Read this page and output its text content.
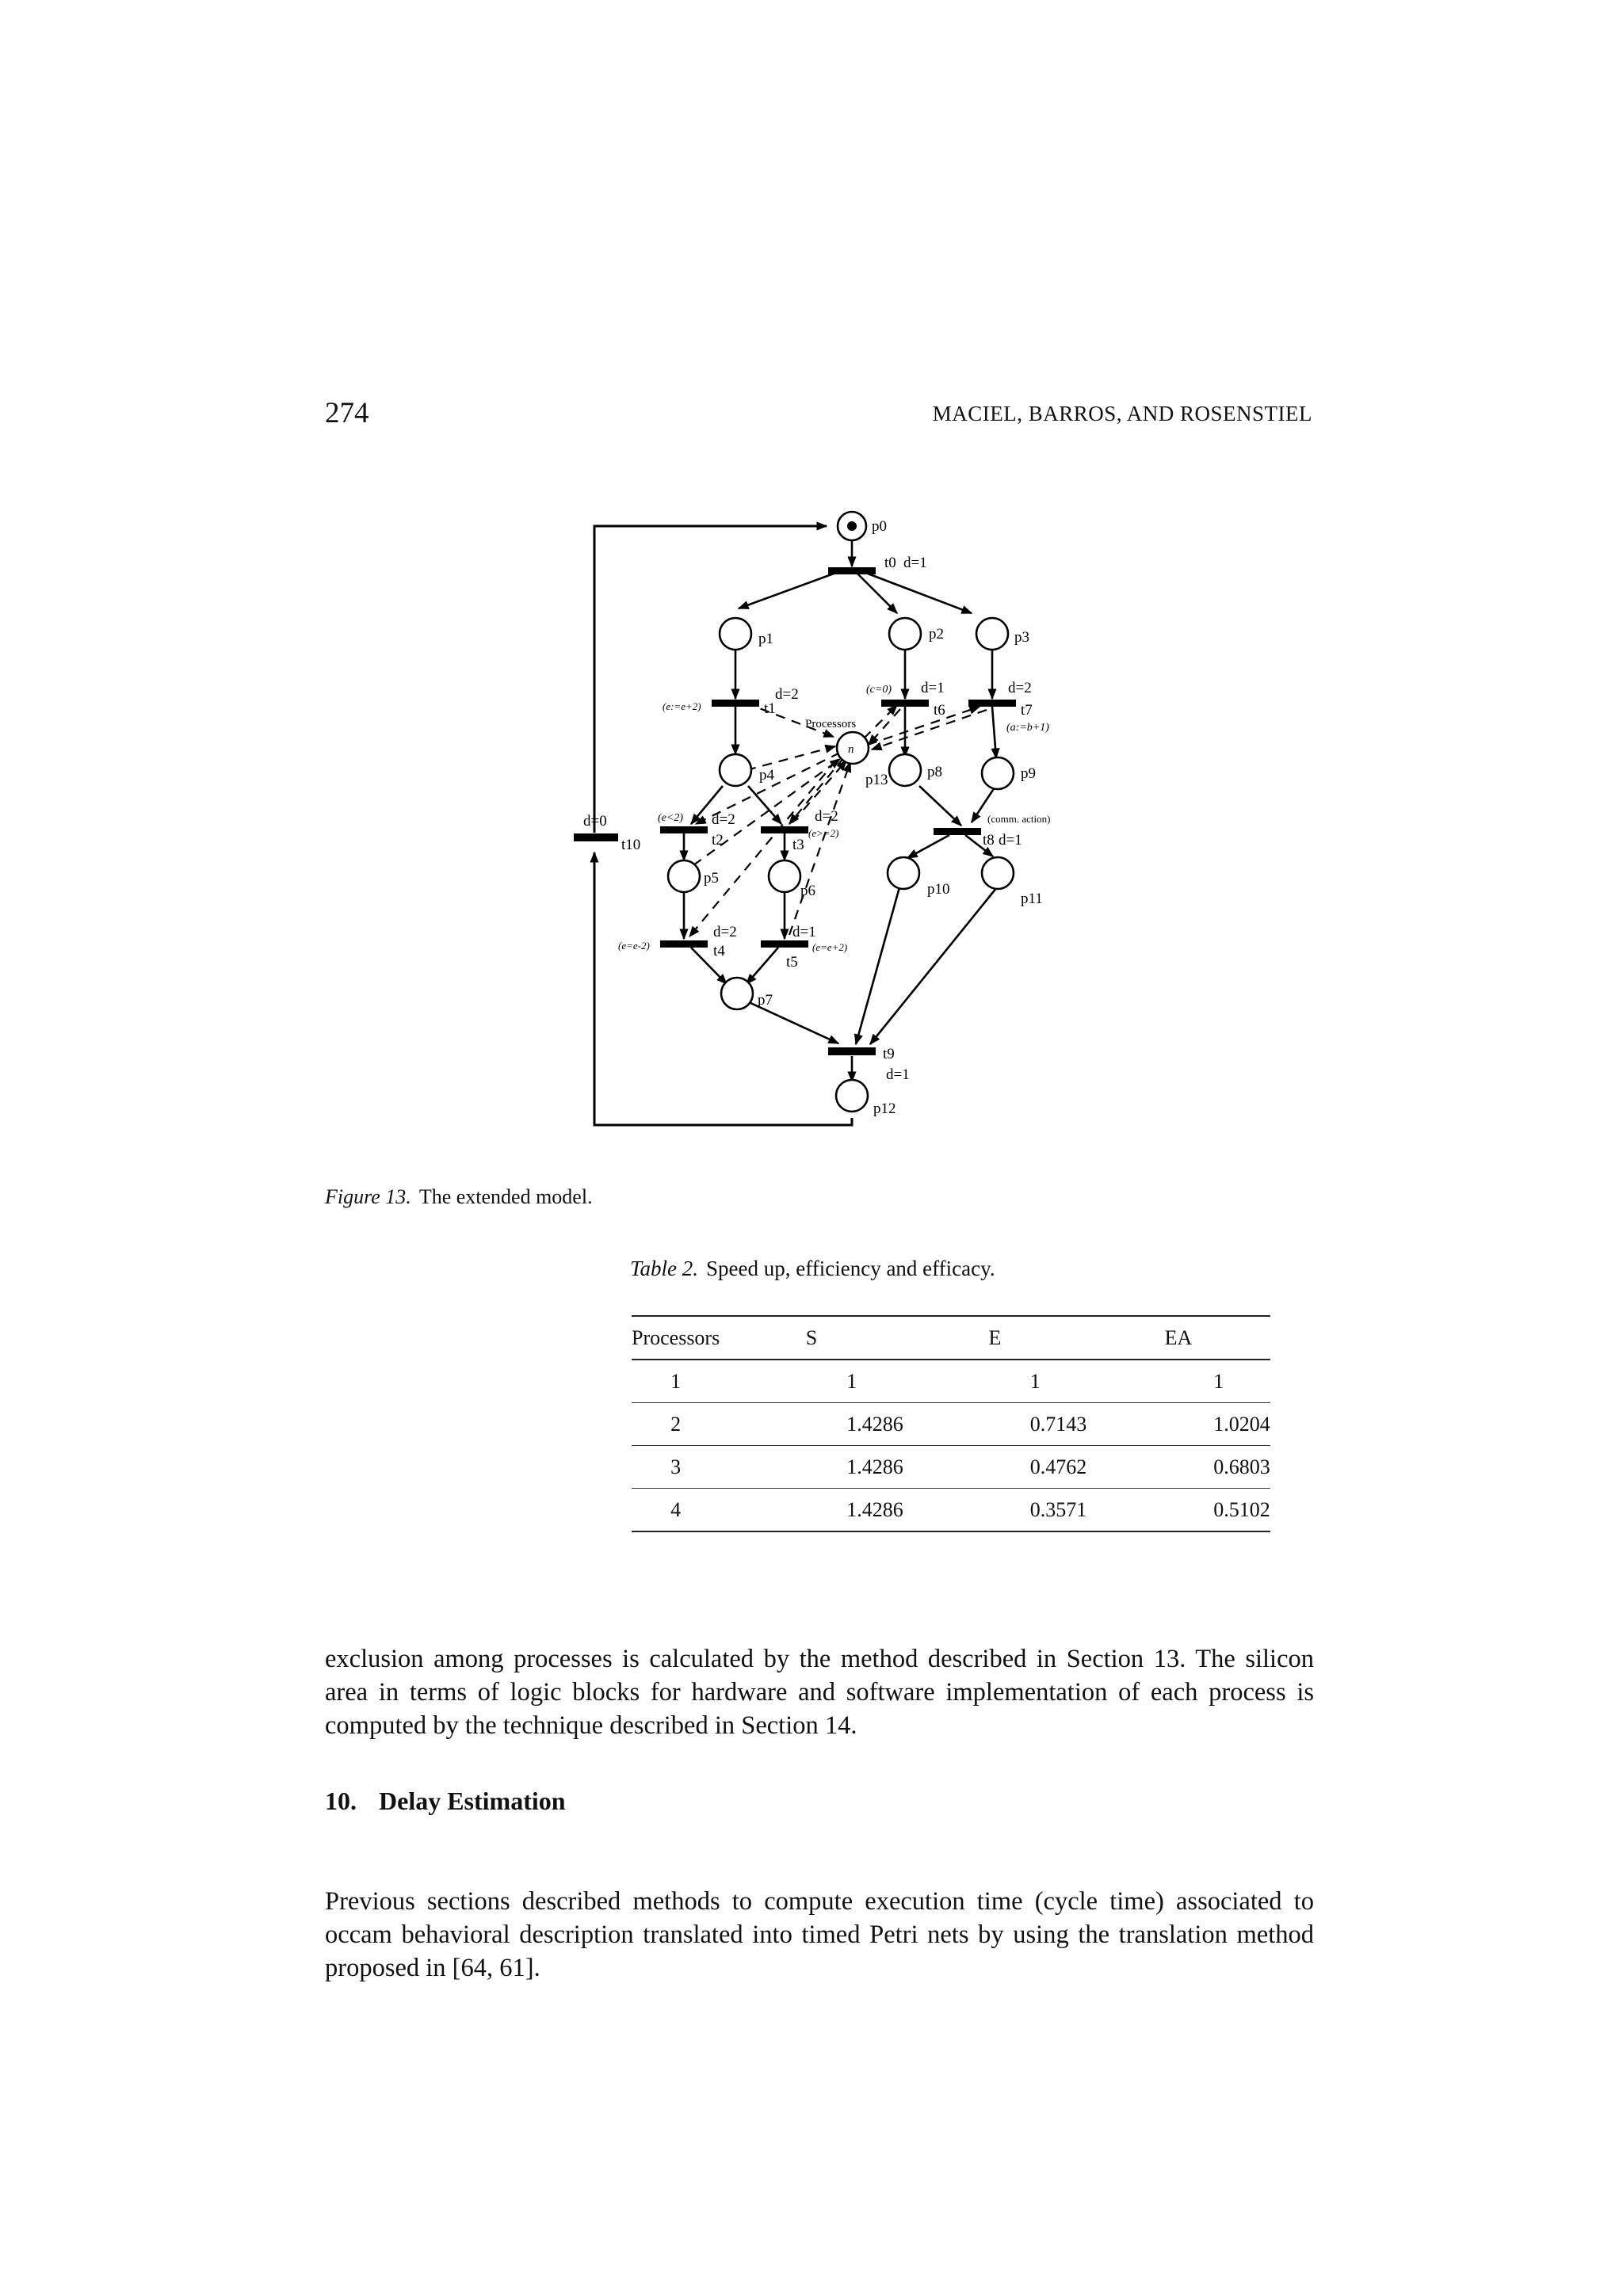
274	MACIEL, BARROS, AND ROSENSTIEL
p0
t0 d=1
p1	p2	p3
(e:=e+2)
d=2
t1
Processors
n
(c=0) d=1
t6
d=2
t7
(a:=b+1)
p4	p13	p8	p9
d=0
t10
(e<2) d=2
t2
d=2
(e>=2)
t3
(comm. action)
t8 d=1
p5
p6	p10
p11
d=2
(e=e-2)	t4
d=1
(e=e+2)
t5
p7
t9
d=1
p12
Figure 13. The extended model.
Table 2. Speed up, efficiency and efficacy.
Processors	S	E	EA
1	1	1	1
2	1.4286	0.7143	1.0204
3	1.4286	0.4762	0.6803
4	1.4286	0.3571	0.5102

exclusion among processes is calculated by the method described in Section 13. The silicon area in terms of logic blocks for hardware and software implementation of each process is computed by the technique described in Section 14.

10. Delay Estimation

Previous sections described methods to compute execution time (cycle time) associated to occam behavioral description translated into timed Petri nets by using the translation method proposed in [64, 61].
